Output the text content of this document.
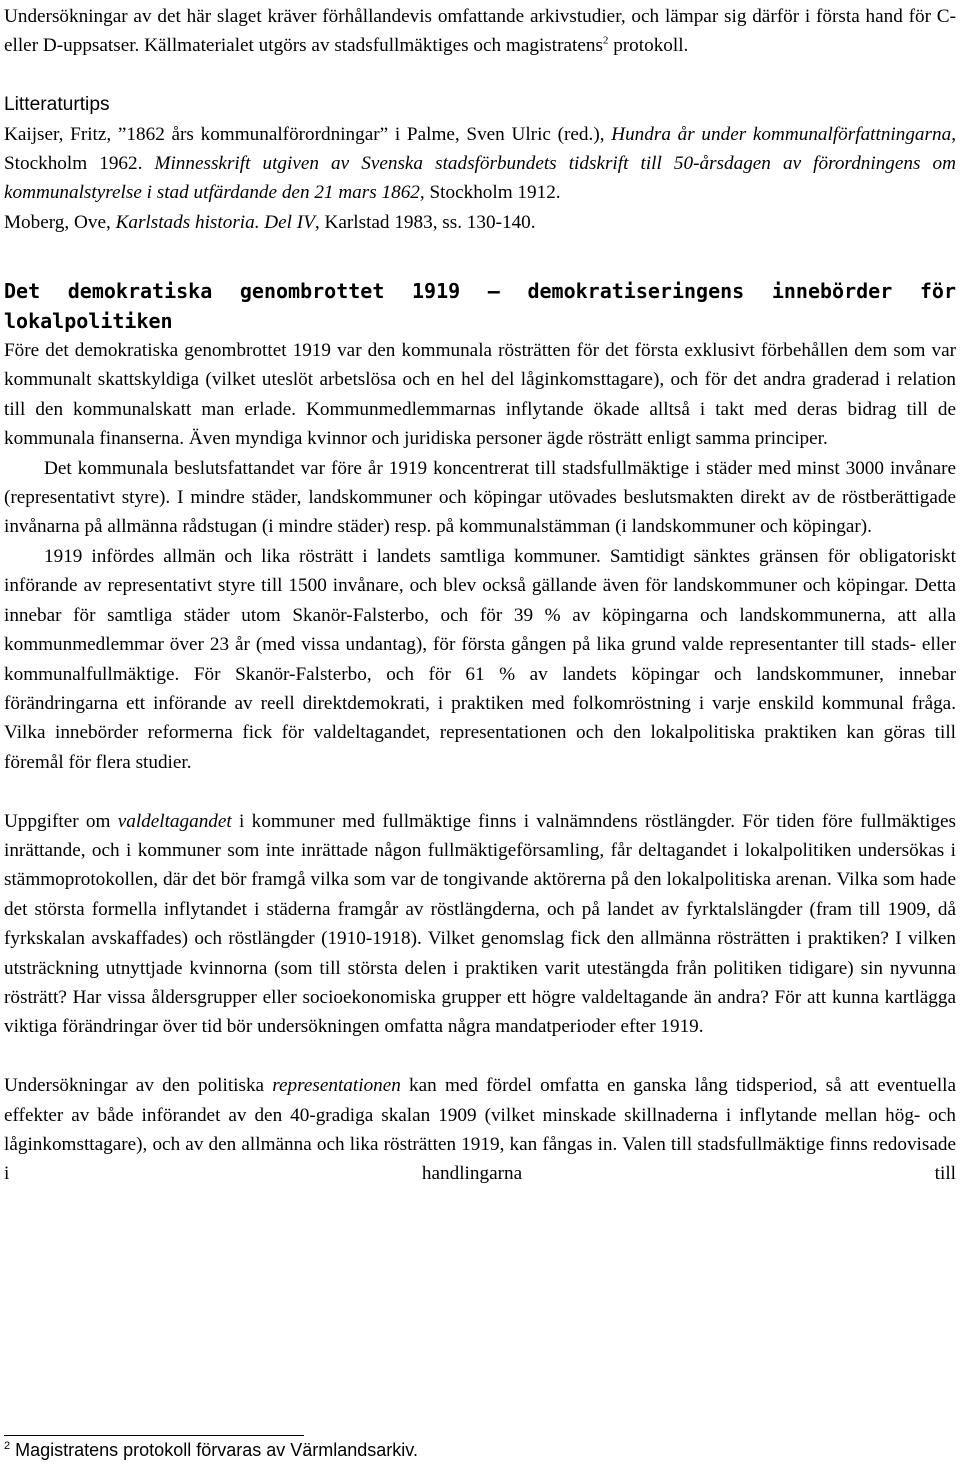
Undersökningar av det här slaget kräver förhållandevis omfattande arkivstudier, och lämpar sig därför i första hand för C- eller D-uppsatser. Källmaterialet utgörs av stadsfullmäktiges och magistratens$^2$ protokoll.

Litteraturtips

Kaijser, Fritz, ”1862 års kommunalförordningar” i Palme, Sven Ulric (red.), Hundra år under kommunalförfattningarna, Stockholm 1962. Minnesskrift utgiven av Svenska stadsförbundets tidskrift till 50-årsdagen av förordningens om kommunalstyrelse i stad utfärdande den 21 mars 1862, Stockholm 1912.

Moberg, Ove, Karlstads historia. Del IV, Karlstad 1983, ss. 130-140.

Det demokratiska genombrottet 1919 – demokratiseringens innebörder för lokalpolitiken

Före det demokratiska genombrottet 1919 var den kommunala rösträtten för det första exklusivt förbehållen dem som var kommunalt skattskyldiga (vilket uteslöt arbetslösa och en hel del låginkomsttagare), och för det andra graderad i relation till den kommunalskatt man erlade. Kommunmedlemmarnas inflytande ökade alltså i takt med deras bidrag till de kommunala finanserna. Även myndiga kvinnor och juridiska personer ägde rösträtt enligt samma principer.

Det kommunala beslutsfattandet var före år 1919 koncentrerat till stadsfullmäktige i städer med minst 3000 invånare (representativt styre). I mindre städer, landskommuner och köpingar utövades beslutsmakten direkt av de röstberättigade invånarna på allmänna rådstugan (i mindre städer) resp. på kommunalstämman (i landskommuner och köpingar).

1919 infördes allmän och lika rösträtt i landets samtliga kommuner. Samtidigt sänktes gränsen för obligatoriskt införande av representativt styre till 1500 invånare, och blev också gällande även för landskommuner och köpingar. Detta innebar för samtliga städer utom Skanör-Falsterbo, och för 39 % av köpingarna och landskommunerna, att alla kommunmedlemmar över 23 år (med vissa undantag), för första gången på lika grund valde representanter till stads- eller kommunalfullmäktige. För Skanör-Falsterbo, och för 61 % av landets köpingar och landskommuner, innebar förändringarna ett införande av reell direktdemokrati, i praktiken med folkomröstning i varje enskild kommunal fråga. Vilka innebörder reformerna fick för valdeltagandet, representationen och den lokalpolitiska praktiken kan göras till föremål för flera studier.

Uppgifter om valdeltagandet i kommuner med fullmäktige finns i valnämndens röstlängder. För tiden före fullmäktiges inrättande, och i kommuner som inte inrättade någon fullmäktigeförsamling, får deltagandet i lokalpolitiken undersökas i stämmoprotokollen, där det bör framgå vilka som var de tongivande aktörerna på den lokalpolitiska arenan. Vilka som hade det största formella inflytandet i städerna framgår av röstlängderna, och på landet av fyrktalslängder (fram till 1909, då fyrkskalan avskaffades) och röstlängder (1910-1918). Vilket genomslag fick den allmänna rösträtten i praktiken? I vilken utsträckning utnyttjade kvinnorna (som till största delen i praktiken varit utestängda från politiken tidigare) sin nyvunna rösträtt? Har vissa åldersgrupper eller socioekonomiska grupper ett högre valdeltagande än andra? För att kunna kartlägga viktiga förändringar över tid bör undersökningen omfatta några mandatperioder efter 1919.

Undersökningar av den politiska representationen kan med fördel omfatta en ganska lång tidsperiod, så att eventuella effekter av både införandet av den 40-gradiga skalan 1909 (vilket minskade skillnaderna i inflytande mellan hög- och låginkomsttagare), och av den allmänna och lika rösträtten 1919, kan fångas in. Valen till stadsfullmäktige finns redovisade i handlingarna till

$^2$ Magistratens protokoll förvaras av Värmlandsarkiv.
